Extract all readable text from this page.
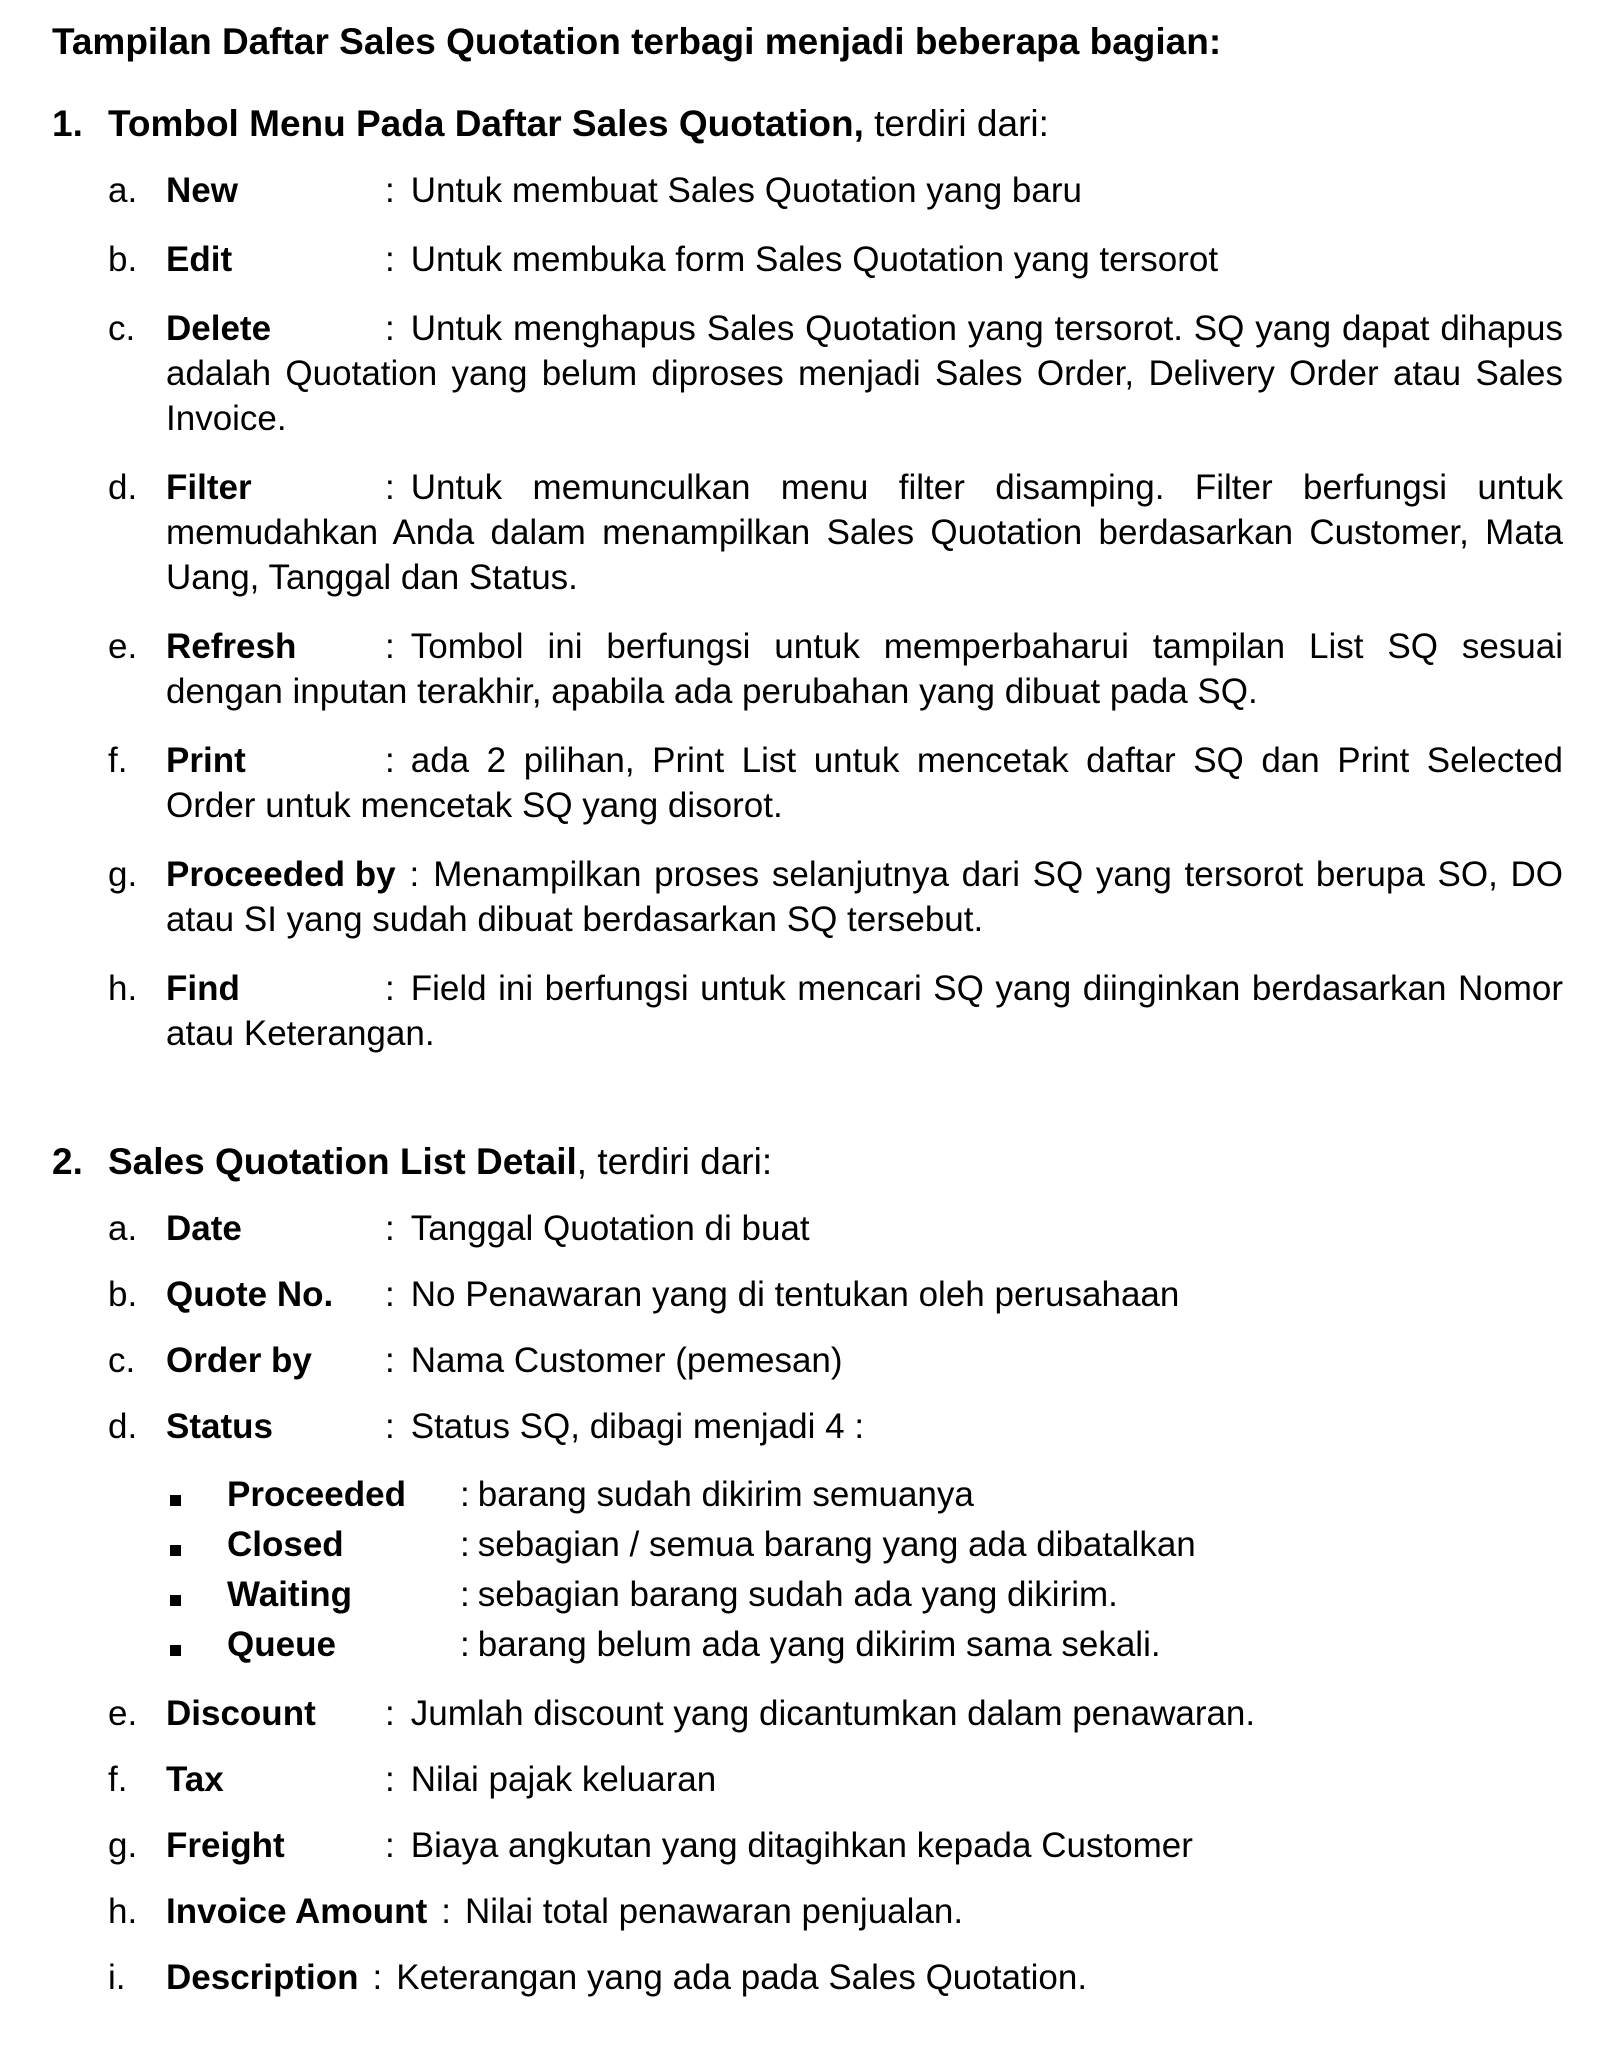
Tampilan Daftar Sales Quotation terbagi menjadi beberapa bagian:
1. Tombol Menu Pada Daftar Sales Quotation, terdiri dari:
a. New	: Untuk membuat Sales Quotation yang baru

b. Edit	: Untuk membuka form Sales Quotation yang tersorot

c. Delete	: Untuk menghapus Sales Quotation yang tersorot. SQ yang dapat dihapus adalah Quotation yang belum diproses menjadi Sales Order, Delivery Order atau Sales Invoice.

d. Filter	: Untuk memunculkan menu filter disamping. Filter berfungsi untuk memudahkan Anda dalam menampilkan Sales Quotation berdasarkan Customer, Mata Uang, Tanggal dan Status.

e. Refresh	: Tombol ini berfungsi untuk memperbaharui tampilan List SQ sesuai dengan inputan terakhir, apabila ada perubahan yang dibuat pada SQ.

f.	Print	: ada 2 pilihan, Print List untuk mencetak daftar SQ dan Print Selected Order untuk mencetak SQ yang disorot.

g. Proceeded by : Menampilkan proses selanjutnya dari SQ yang tersorot berupa SO, DO atau SI yang sudah dibuat berdasarkan SQ tersebut.

h. Find	: Field ini berfungsi untuk mencari SQ yang diinginkan berdasarkan Nomor atau Keterangan.

2. Sales Quotation List Detail, terdiri dari:
a. Date	: Tanggal Quotation di buat

b. Quote No. : No Penawaran yang di tentukan oleh perusahaan

c. Order by : Nama Customer (pemesan)

d. Status	: Status SQ, dibagi menjadi 4 :

Proceeded : barang sudah dikirim semuanya

Closed	: sebagian / semua barang yang ada dibatalkan

Waiting	: sebagian barang sudah ada yang dikirim.

Queue	: barang belum ada yang dikirim sama sekali.

e. Discount : Jumlah discount yang dicantumkan dalam penawaran.

f.	Tax	: Nilai pajak keluaran

g. Freight	: Biaya angkutan yang ditagihkan kepada Customer

h. Invoice Amount : Nilai total penawaran penjualan.

i.	Description : Keterangan yang ada pada Sales Quotation.
